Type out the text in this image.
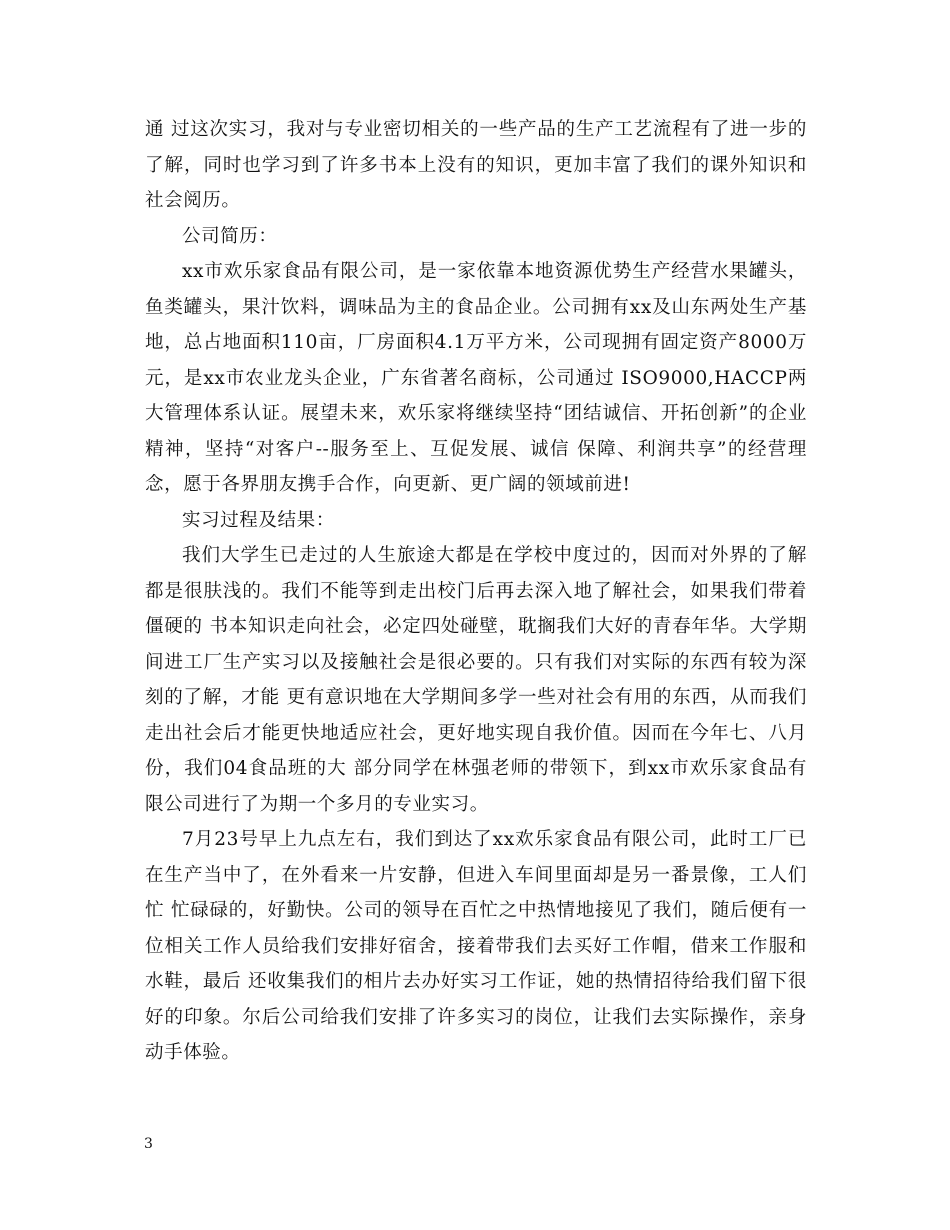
通 过这次实习，我对与专业密切相关的一些产品的生产工艺流程有了进一步的了解，同时也学习到了许多书本上没有的知识，更加丰富了我们的课外知识和社会阅历。

公司简历：

xx市欢乐家食品有限公司，是一家依靠本地资源优势生产经营水果罐头，鱼类罐头，果汁饮料，调味品为主的食品企业。公司拥有xx及山东两处生产基 地，总占地面积110亩，厂房面积4.1万平方米，公司现拥有固定资产8000万元，是xx市农业龙头企业，广东省著名商标，公司通过 ISO9000,HACCP两大管理体系认证。展望未来，欢乐家将继续坚持“团结诚信、开拓创新”的企业精神，坚持“对客户--服务至上、互促发展、诚信 保障、利润共享”的经营理念，愿于各界朋友携手合作，向更新、更广阔的领域前进!

实习过程及结果：

我们大学生已走过的人生旅途大都是在学校中度过的，因而对外界的了解都是很肤浅的。我们不能等到走出校门后再去深入地了解社会，如果我们带着僵硬的 书本知识走向社会，必定四处碰壁，耽搁我们大好的青春年华。大学期间进工厂生产实习以及接触社会是很必要的。只有我们对实际的东西有较为深刻的了解，才能 更有意识地在大学期间多学一些对社会有用的东西，从而我们走出社会后才能更快地适应社会，更好地实现自我价值。因而在今年七、八月份，我们04食品班的大 部分同学在林强老师的带领下，到xx市欢乐家食品有限公司进行了为期一个多月的专业实习。

7月23号早上九点左右，我们到达了xx欢乐家食品有限公司，此时工厂已在生产当中了，在外看来一片安静，但进入车间里面却是另一番景像，工人们忙 忙碌碌的，好勤快。公司的领导在百忙之中热情地接见了我们，随后便有一位相关工作人员给我们安排好宿舍，接着带我们去买好工作帽，借来工作服和水鞋，最后 还收集我们的相片去办好实习工作证，她的热情招待给我们留下很好的印象。尔后公司给我们安排了许多实习的岗位，让我们去实际操作，亲身动手体验。

3
